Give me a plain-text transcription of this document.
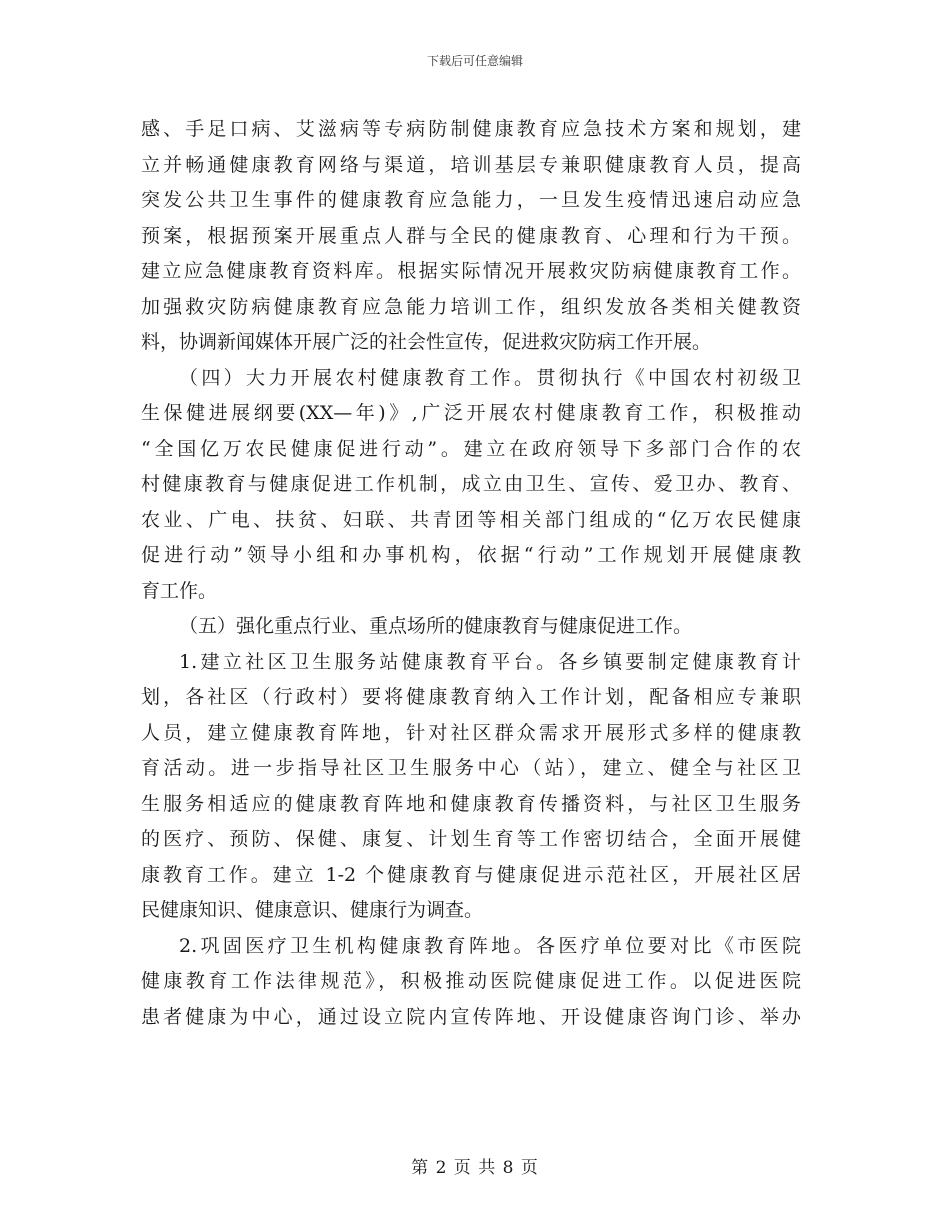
下载后可任意编辑
感、手足口病、艾滋病等专病防制健康教育应急技术方案和规划，建
立并畅通健康教育网络与渠道，培训基层专兼职健康教育人员，提高
突发公共卫生事件的健康教育应急能力，一旦发生疫情迅速启动应急
预案，根据预案开展重点人群与全民的健康教育、心理和行为干预。
建立应急健康教育资料库。根据实际情况开展救灾防病健康教育工作。
加强救灾防病健康教育应急能力培训工作，组织发放各类相关健教资
料，协调新闻媒体开展广泛的社会性宣传，促进救灾防病工作开展。
（四）大力开展农村健康教育工作。贯彻执行《中国农村初级卫
生保健进展纲要(XX—年)》,广泛开展农村健康教育工作，积极推动
“全国亿万农民健康促进行动”。建立在政府领导下多部门合作的农
村健康教育与健康促进工作机制，成立由卫生、宣传、爱卫办、教育、
农业、广电、扶贫、妇联、共青团等相关部门组成的“亿万农民健康
促进行动”领导小组和办事机构，依据“行动”工作规划开展健康教
育工作。
（五）强化重点行业、重点场所的健康教育与健康促进工作。
1.建立社区卫生服务站健康教育平台。各乡镇要制定健康教育计
划，各社区（行政村）要将健康教育纳入工作计划，配备相应专兼职
人员，建立健康教育阵地，针对社区群众需求开展形式多样的健康教
育活动。进一步指导社区卫生服务中心（站），建立、健全与社区卫
生服务相适应的健康教育阵地和健康教育传播资料，与社区卫生服务
的医疗、预防、保健、康复、计划生育等工作密切结合，全面开展健
康教育工作。建立 1-2 个健康教育与健康促进示范社区，开展社区居
民健康知识、健康意识、健康行为调查。
2.巩固医疗卫生机构健康教育阵地。各医疗单位要对比《市医院
健康教育工作法律规范》，积极推动医院健康促进工作。以促进医院
患者健康为中心，通过设立院内宣传阵地、开设健康咨询门诊、举办
第 2 页 共 8 页
